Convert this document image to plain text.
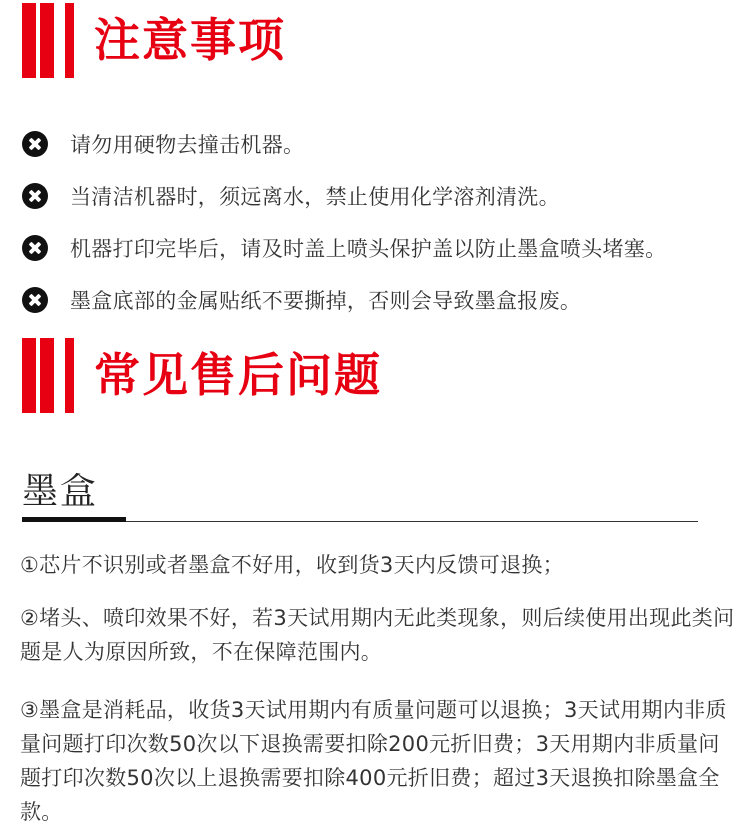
注意事项
请勿用硬物去撞击机器。
当清洁机器时，须远离水，禁止使用化学溶剂清洗。
机器打印完毕后，请及时盖上喷头保护盖以防止墨盒喷头堵塞。
墨盒底部的金属贴纸不要撕掉，否则会导致墨盒报废。
常见售后问题
墨盒
①芯片不识别或者墨盒不好用，收到货3天内反馈可退换；
②堵头、喷印效果不好，若3天试用期内无此类现象，则后续使用出现此类问题是人为原因所致，不在保障范围内。
③墨盒是消耗品，收货3天试用期内有质量问题可以退换；3天试用期内非质量问题打印次数50次以下退换需要扣除200元折旧费；3天用期内非质量问题打印次数50次以上退换需要扣除400元折旧费；超过3天退换扣除墨盒全款。
